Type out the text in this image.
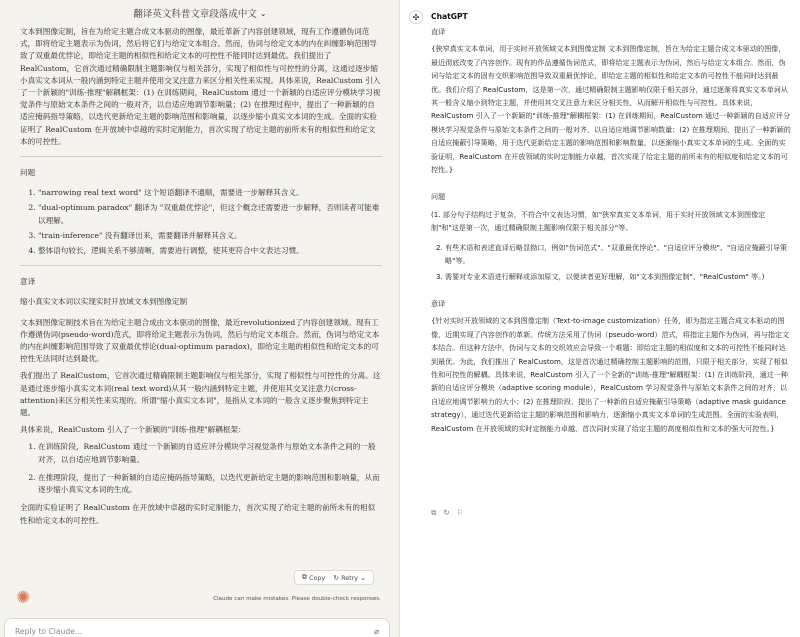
翻译英文科普文章段落成中文 ⌄

文本到图像定制，旨在为给定主题合成文本驱动的图像，最近革新了内容创建领域，现有工作遵循伪词范式，即将给定主题表示为伪词，然后将它们与给定文本组合。然而，伪词与给定文本的内在纠缠影响范围导致了双重最优悖论，即给定主题的相似性和给定文本的可控性不能同时达到最优。我们提出了 RealCustom，它首次通过精确限制主题影响仅与相关部分，实现了相似性与可控性的分离，这通过逐步缩小真实文本词从一般内涵到特定主题并使用交叉注意力来区分相关性来实现。具体来说，RealCustom 引入了一个新颖的"训练-推理"解耦框架：(1) 在训练期间，RealCustom 通过一个新颖的自适应评分模块学习视觉条件与原始文本条件之间的一般对齐，以自适应地调节影响量；(2) 在推理过程中，提出了一种新颖的自适应掩码指导策略，以迭代更新给定主题的影响范围和影响量，以逐步缩小真实文本词的生成。全面的实验证明了 RealCustom 在开放域中卓越的实时定制能力，首次实现了给定主题的前所未有的相似性和给定文本的可控性。

问题
1. "narrowing real text word" 这个短语翻译不通顺，需要进一步解释其含义。
2. "dual-optimum paradox" 翻译为 "双重最优悖论"，但这个概念还需要进一步解释，否则读者可能难以理解。
3. "train-inference" 没有翻译出来，需要翻译并解释其含义。
4. 整体语句较长，逻辑关系不够清晰，需要进行调整，使其更符合中文表达习惯。
意译
缩小真实文本词以实现实时开放域文本到图像定制

文本到图像定制技术旨在为给定主题合成由文本驱动的图像，最近revolutionized了内容创建领域。现有工作遵循伪词(pseudo-word)范式，即将给定主题表示为伪词，然后与给定文本组合。然而，伪词与给定文本的内在纠缠影响范围导致了双重最优悖论(dual-optimum paradox)，即给定主题的相似性和给定文本的可控性无法同时达到最优。

我们提出了 RealCustom，它首次通过精确限制主题影响仅与相关部分，实现了相似性与可控性的分离。这是通过逐步缩小真实文本词(real text word)从其一般内涵到特定主题，并使用其交叉注意力(cross-attention)来区分相关性来实现的。所谓"缩小真实文本词"，是指从文本词的一般含义逐步聚焦到特定主题。

具体来说，RealCustom 引入了一个新颖的"训练-推理"解耦框架：

1. 在训练阶段，RealCustom 通过一个新颖的自适应评分模块学习视觉条件与原始文本条件之间的一般对齐，以自适应地调节影响量。
2. 在推理阶段，提出了一种新颖的自适应掩码指导策略，以迭代更新给定主题的影响范围和影响量，从而逐步缩小真实文本词的生成。

全面的实验证明了 RealCustom 在开放域中卓越的实时定制能力，首次实现了给定主题的前所未有的相似性和给定文本的可控性。

⧉ Copy ↻ Retry ⌄
✺	Claude can make mistakes. Please double-check responses.
Reply to Claude...	⌀
✣	ChatGPT

直译

{狭窄真实文本单词，用于实时开放领域文本到图像定制 文本到图像定制，旨在为给定主题合成文本驱动的图像，最近彻底改变了内容创作。现有的作品遵循伪词范式，即将给定主题表示为伪词，然后与给定文本组合。然而，伪词与给定文本的固有交织影响范围导致双重最优悖论，即给定主题的相似性和给定文本的可控性不能同时达到最优。我们介绍了 RealCustom，这是第一次，通过精确限制主题影响仅限于相关部分，通过逐渐将真实文本单词从其一般含义缩小到特定主题，并使用其交叉注意力来区分相关性，从而解开相似性与可控性。具体来说，RealCustom 引入了一个新颖的"训练-推理"解耦框架：(1) 在训练期间，RealCustom 通过一种新颖的自适应评分模块学习视觉条件与原始文本条件之间的一般对齐，以自适应地调节影响数量；(2) 在推理期间，提出了一种新颖的自适应掩蔽引导策略，用于迭代更新给定主题的影响范围和影响数量，以逐渐缩小真实文本单词的生成。全面的实验证明，RealCustom 在开放领域的实时定制能力卓越，首次实现了给定主题的前所未有的相似度和给定文本的可控性。}

问题

(1. 部分句子结构过于复杂，不符合中文表达习惯，如"狭窄真实文本单词，用于实时开放领域文本到图像定制"和"这是第一次，通过精确限制主题影响仅限于相关部分"等。

2. 有些术语和表述直译后略显拗口，例如"伪词范式"、"双重最优悖论"、"自适应评分模块"、"自适应掩蔽引导策略"等。
3. 需要对专业术语进行解释或添加原文，以便读者更好理解，如"文本到图像定制"、"RealCustom" 等。)

意译

{针对实时开放领域的文本到图像定制（Text-to-image customization）任务，即为指定主题合成文本驱动的图像，近期实现了内容创作的革新。传统方法采用了伪词（pseudo-word）范式，将指定主题作为伪词，再与指定文本结合。但这种方法中，伪词与文本的交织效应会导致一个难题：即给定主题的相似度和文本的可控性不能同时达到最优。为此，我们推出了 RealCustom，这是首次通过精确控制主题影响的范围，只限于相关部分，实现了相似性和可控性的解耦。具体来说，RealCustom 引入了一个全新的"训练-推理"解耦框架：(1) 在训练阶段，通过一种新的自适应评分模块（adaptive scoring module），RealCustom 学习视觉条件与原始文本条件之间的对齐，以自适应地调节影响力的大小；(2) 在推理阶段，提出了一种新的自适应掩蔽引导策略（adaptive mask guidance strategy），通过迭代更新给定主题的影响范围和影响力，逐渐缩小真实文本单词的生成范围。全面的实验表明，RealCustom 在开放领域的实时定制能力卓越，首次同时实现了给定主题的高度相似性和文本的强大可控性。}

⧉ ↻ ⚐
